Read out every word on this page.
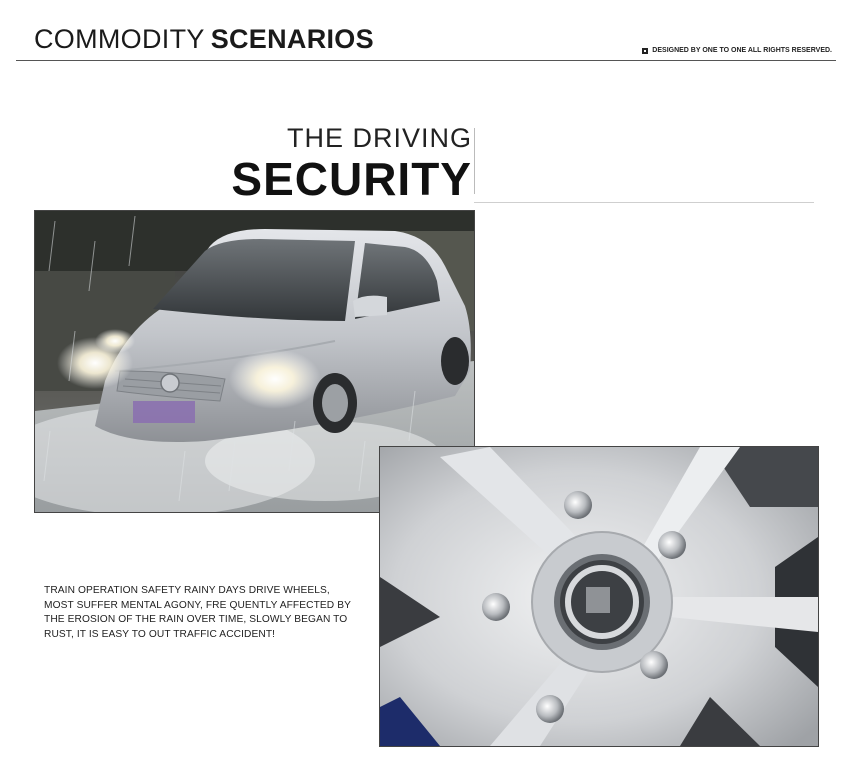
COMMODITY SCENARIOS	DESIGNED BY ONE TO ONE ALL RIGHTS RESERVED.
THE DRIVING
SECURITY
TRAIN OPERATION SAFETY RAINY DAYS DRIVE WHEELS, MOST SUFFER MENTAL AGONY, FRE QUENTLY AFFECTED BY THE EROSION OF THE RAIN OVER TIME, SLOWLY BEGAN TO RUST, IT IS EASY TO OUT TRAFFIC ACCIDENT!
